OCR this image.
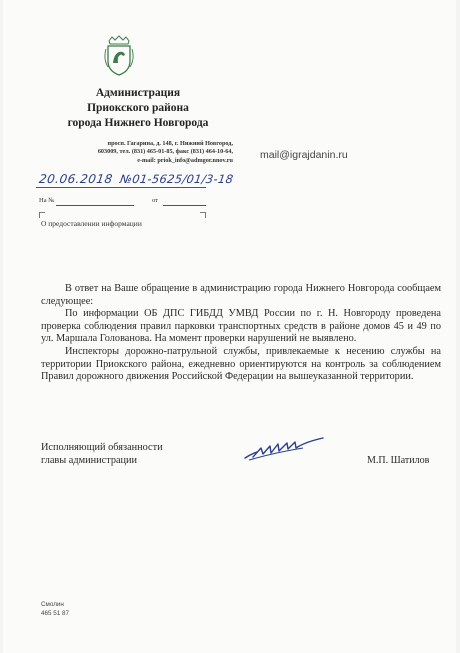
Администрация
Приокского района
города Нижнего Новгорода
просп. Гагарина, д. 148, г. Нижний Новгород,
603009, тел. (831) 465-01-85, факс (831) 464-10-64,
e-mail: priok_info@admgor.nnov.ru	mail@igrajdanin.ru
20.06.2018 №01-5625/01/3-18
На №	от
О предоставлении информации

В ответ на Ваше обращение в администрацию города Нижнего Новгорода сообщаем следующее:

По информации ОБ ДПС ГИБДД УМВД России по г. Н. Новгороду проведена проверка соблюдения правил парковки транспортных средств в районе домов 45 и 49 по ул. Маршала Голованова. На момент проверки нарушений не выявлено.

Инспекторы дорожно-патрульной службы, привлекаемые к несению службы на территории Приокского района, ежедневно ориентируются на контроль за соблюдением Правил дорожного движения Российской Федерации на вышеуказанной территории.

Исполняющий обязанности
главы администрации	М.П. Шатилов
Смолин
465 51 87
